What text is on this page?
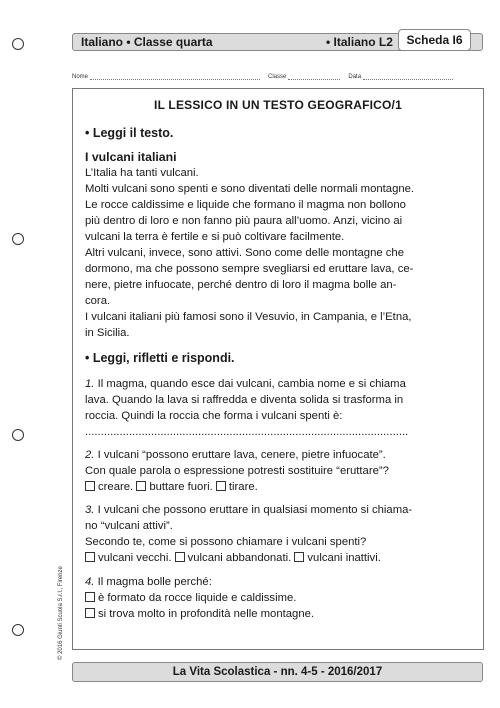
Italiano • Classe quarta	• Italiano L2	Scheda I6
Nome	Classe	Data
IL LESSICO IN UN TESTO GEOGRAFICO/1
• Leggi il testo.
I vulcani italiani
L’Italia ha tanti vulcani.
Molti vulcani sono spenti e sono diventati delle normali montagne.
Le rocce caldissime e liquide che formano il magma non bollono
più dentro di loro e non fanno più paura all’uomo. Anzi, vicino ai
vulcani la terra è fertile e si può coltivare facilmente.
Altri vulcani, invece, sono attivi. Sono come delle montagne che
dormono, ma che possono sempre svegliarsi ed eruttare lava, ce-
nere, pietre infuocate, perché dentro di loro il magma bolle an-
cora.
I vulcani italiani più famosi sono il Vesuvio, in Campania, e l’Etna,
in Sicilia.
• Leggi, rifletti e rispondi.
1. Il magma, quando esce dai vulcani, cambia nome e si chiama
lava. Quando la lava si raffredda e diventa solida si trasforma in
roccia. Quindi la roccia che forma i vulcani spenti è:
.......................................................................................................
2. I vulcani “possono eruttare lava, cenere, pietre infuocate”.
Con quale parola o espressione potresti sostituire “eruttare”?
creare. buttare fuori. tirare.
3. I vulcani che possono eruttare in qualsiasi momento si chiama-
no “vulcani attivi”.
Secondo te, come si possono chiamare i vulcani spenti?
vulcani vecchi. vulcani abbandonati. vulcani inattivi.
4. Il magma bolle perché:
è formato da rocce liquide e caldissime.
si trova molto in profondità nelle montagne.
© 2016 Giunti Scuola S.r.l., Firenze
La Vita Scolastica - nn. 4-5 - 2016/2017
